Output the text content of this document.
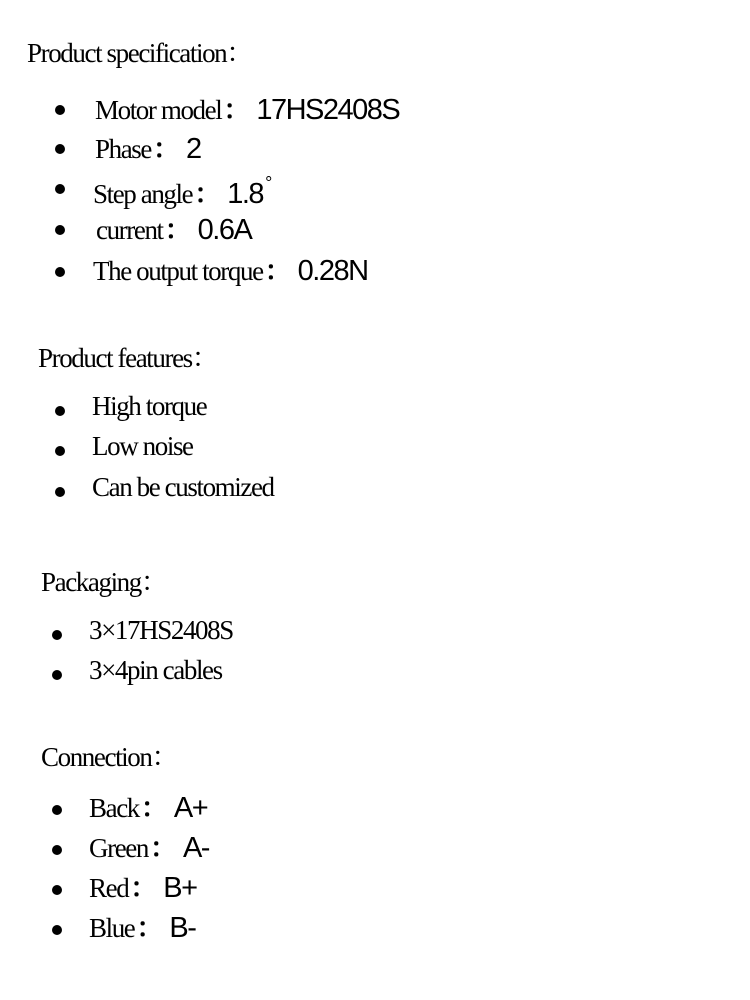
Product specification：
Motor model： 17HS2408S
Phase： 2
Step angle： 1.8 °
current： 0.6A
The output torque： 0.28N
Product features：
High torque
Low noise
Can be customized
Packaging：
3×17HS2408S
3×4pin cables
Connection：
Back： A+
Green： A-
Red： B+
Blue： B-
